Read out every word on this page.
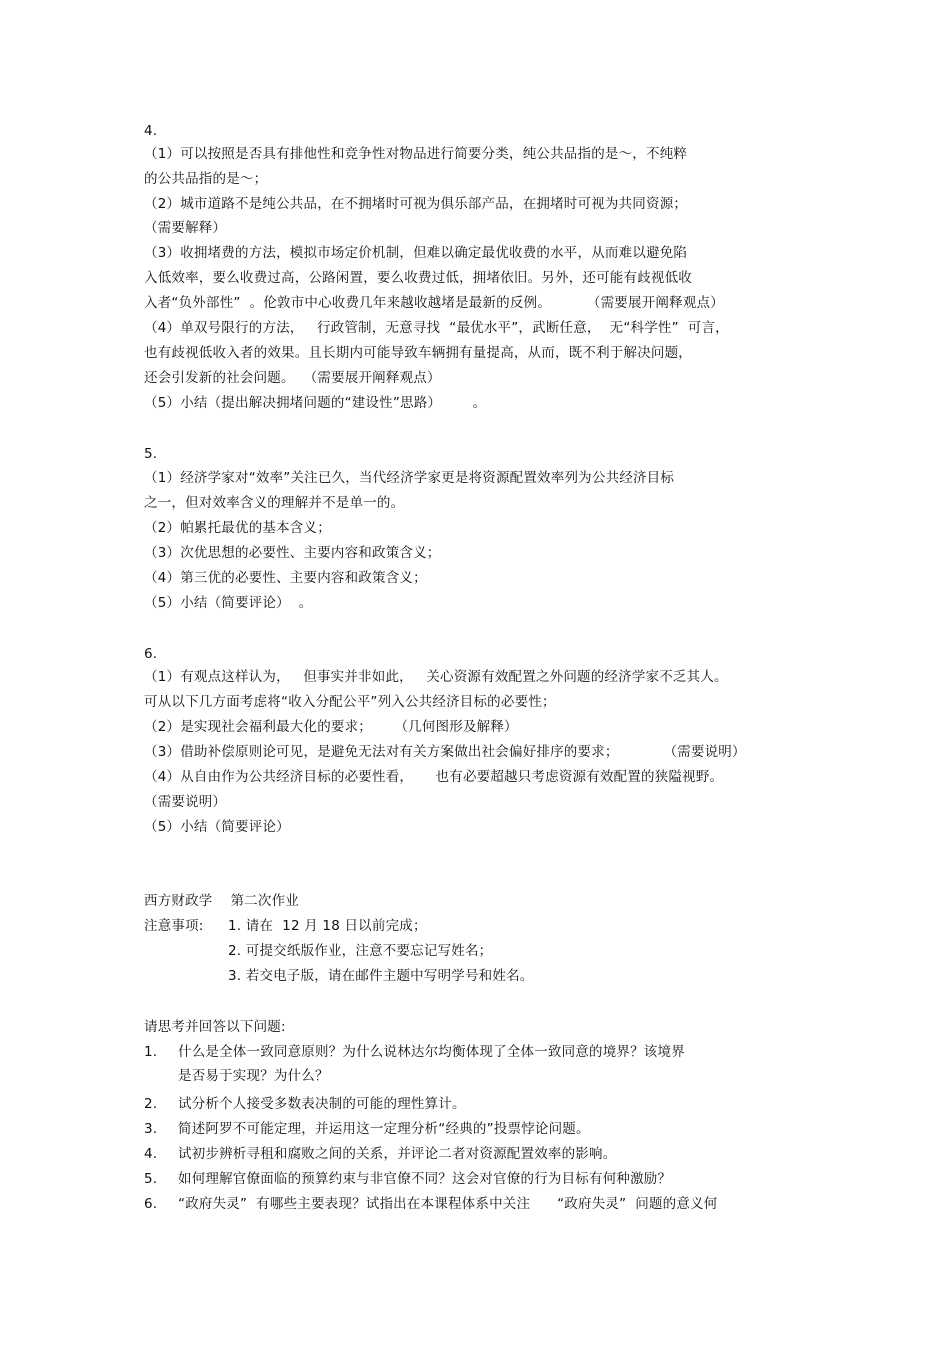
4.
（1）可以按照是否具有排他性和竞争性对物品进行简要分类，纯公共品指的是～，不纯粹
的公共品指的是～；
（2）城市道路不是纯公共品，在不拥堵时可视为俱乐部产品，在拥堵时可视为共同资源；
（需要解释）
（3）收拥堵费的方法，模拟市场定价机制，但难以确定最优收费的水平，从而难以避免陷
入低效率，要么收费过高，公路闲置，要么收费过低，拥堵依旧。另外，还可能有歧视低收
入者“负外部性”  。伦敦市中心收费几年来越收越堵是最新的反例。        （需要展开阐释观点）
（4）单双号限行的方法，   行政管制，无意寻找  “最优水平”，武断任意，  无“科学性”  可言，
也有歧视低收入者的效果。且长期内可能导致车辆拥有量提高，从而，既不利于解决问题，
还会引发新的社会问题。  （需要展开阐释观点）
（5）小结（提出解决拥堵问题的“建设性”思路）       。
5.
（1）经济学家对“效率”关注已久，当代经济学家更是将资源配置效率列为公共经济目标
之一，但对效率含义的理解并不是单一的。
（2）帕累托最优的基本含义；
（3）次优思想的必要性、主要内容和政策含义；
（4）第三优的必要性、主要内容和政策含义；
（5）小结（简要评论）  。
6.
（1）有观点这样认为，   但事实并非如此，   关心资源有效配置之外问题的经济学家不乏其人。
可从以下几方面考虑将“收入分配公平”列入公共经济目标的必要性；
（2）是实现社会福利最大化的要求；     （几何图形及解释）
（3）借助补偿原则论可见，是避免无法对有关方案做出社会偏好排序的要求；          （需要说明）
（4）从自由作为公共经济目标的必要性看，     也有必要超越只考虑资源有效配置的狭隘视野。
（需要说明）
（5）小结（简要评论）
西方财政学    第二次作业
注意事项: 1. 请在  12 月 18 日以前完成；
2. 可提交纸版作业，注意不要忘记写姓名；
3. 若交电子版，请在邮件主题中写明学号和姓名。
请思考并回答以下问题:
1. 什么是全体一致同意原则？为什么说林达尔均衡体现了全体一致同意的境界？该境界
是否易于实现？为什么？
2. 试分析个人接受多数表决制的可能的理性算计。
3. 简述阿罗不可能定理，并运用这一定理分析“经典的”投票悖论问题。
4. 试初步辨析寻租和腐败之间的关系，并评论二者对资源配置效率的影响。
5. 如何理解官僚面临的预算约束与非官僚不同？这会对官僚的行为目标有何种激励？
6. “政府失灵”  有哪些主要表现？试指出在本课程体系中关注      “政府失灵”  问题的意义何
